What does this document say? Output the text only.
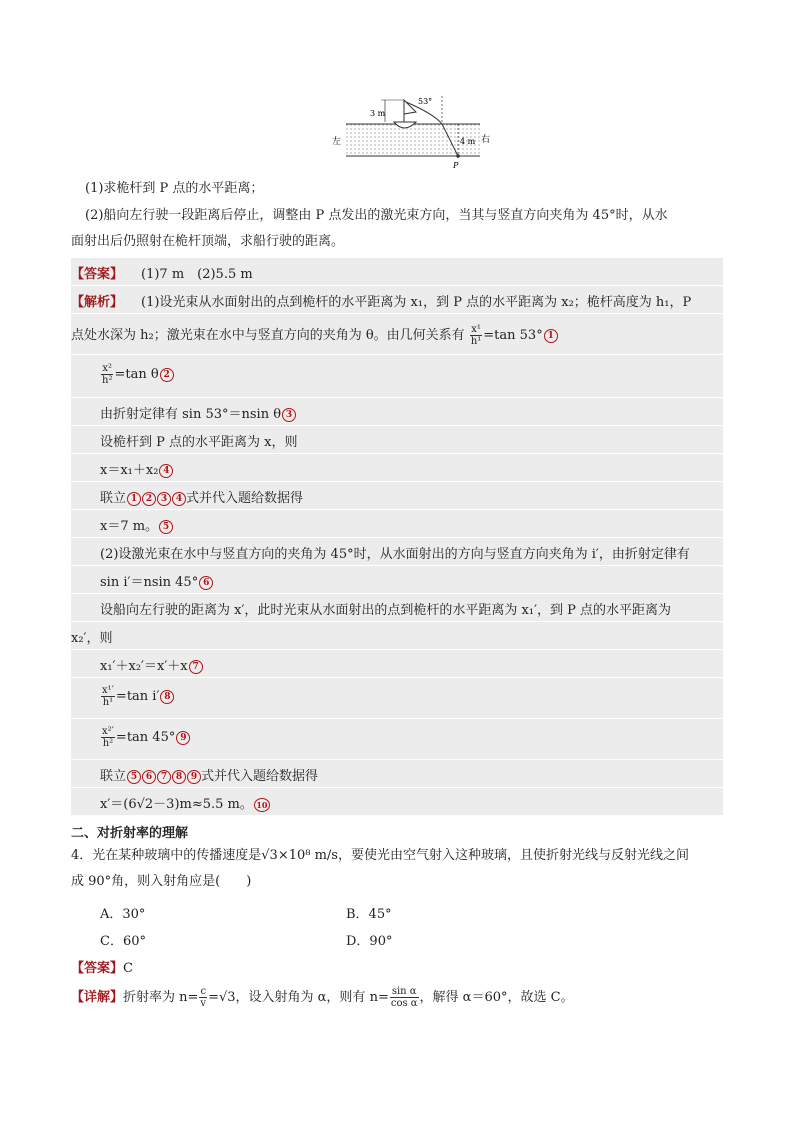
3 m
53°
4 m
左	右
P
(1)求桅杆到 P 点的水平距离；
(2)船向左行驶一段距离后停止，调整由 P 点发出的激光束方向，当其与竖直方向夹角为 45°时，从水
面射出后仍照射在桅杆顶端，求船行驶的距离。
【答案】 (1)7 m　(2)5.5 m
【解析】 (1)设光束从水面射出的点到桅杆的水平距离为 x₁，到 P 点的水平距离为 x₂；桅杆高度为 h₁，P
点处水深为 h₂；激光束在水中与竖直方向的夹角为 θ。由几何关系有 $\frac{\text{x¹}}{\text{h¹}} =\tan$ 53° 1
$\frac{\text{x²}}{\text{h²}} =\tan$ θ 2
由折射定律有 sin 53°＝nsin θ 3
设桅杆到 P 点的水平距离为 x，则
x＝x₁＋x₂ 4
联立 1 2 3 4 式并代入题给数据得
x＝7 m。 5
(2)设激光束在水中与竖直方向的夹角为 45°时，从水面射出的方向与竖直方向夹角为 i′，由折射定律有
sin i′＝nsin 45° 6
设船向左行驶的距离为 x′，此时光束从水面射出的点到桅杆的水平距离为 x₁′，到 P 点的水平距离为
x₂′，则
x₁′＋x₂′＝x′＋x 7
$\frac{\text{x¹′}}{\text{h¹}} =\tan$ i′ 8
$\frac{\text{x²′}}{\text{h²}} =\tan$ 45° 9
联立 5 6 7 8 9 式并代入题给数据得
x′＝(6√2－3)m≈5.5 m。 10
二、对折射率的理解
4．光在某种玻璃中的传播速度是√3×10⁸ m/s，要使光由空气射入这种玻璃，且使折射光线与反射光线之间
成 90°角，则入射角应是(　　)
A．30°	B．45°
C．60°	D．90°
【答案】C
【详解】折射率为 $n= \frac{c}{v} =√3$，设入射角为 α，则有 $n= \frac{\text{sin α}}{\text{cos α}}$ ，解得 α＝60°，故选 C。
